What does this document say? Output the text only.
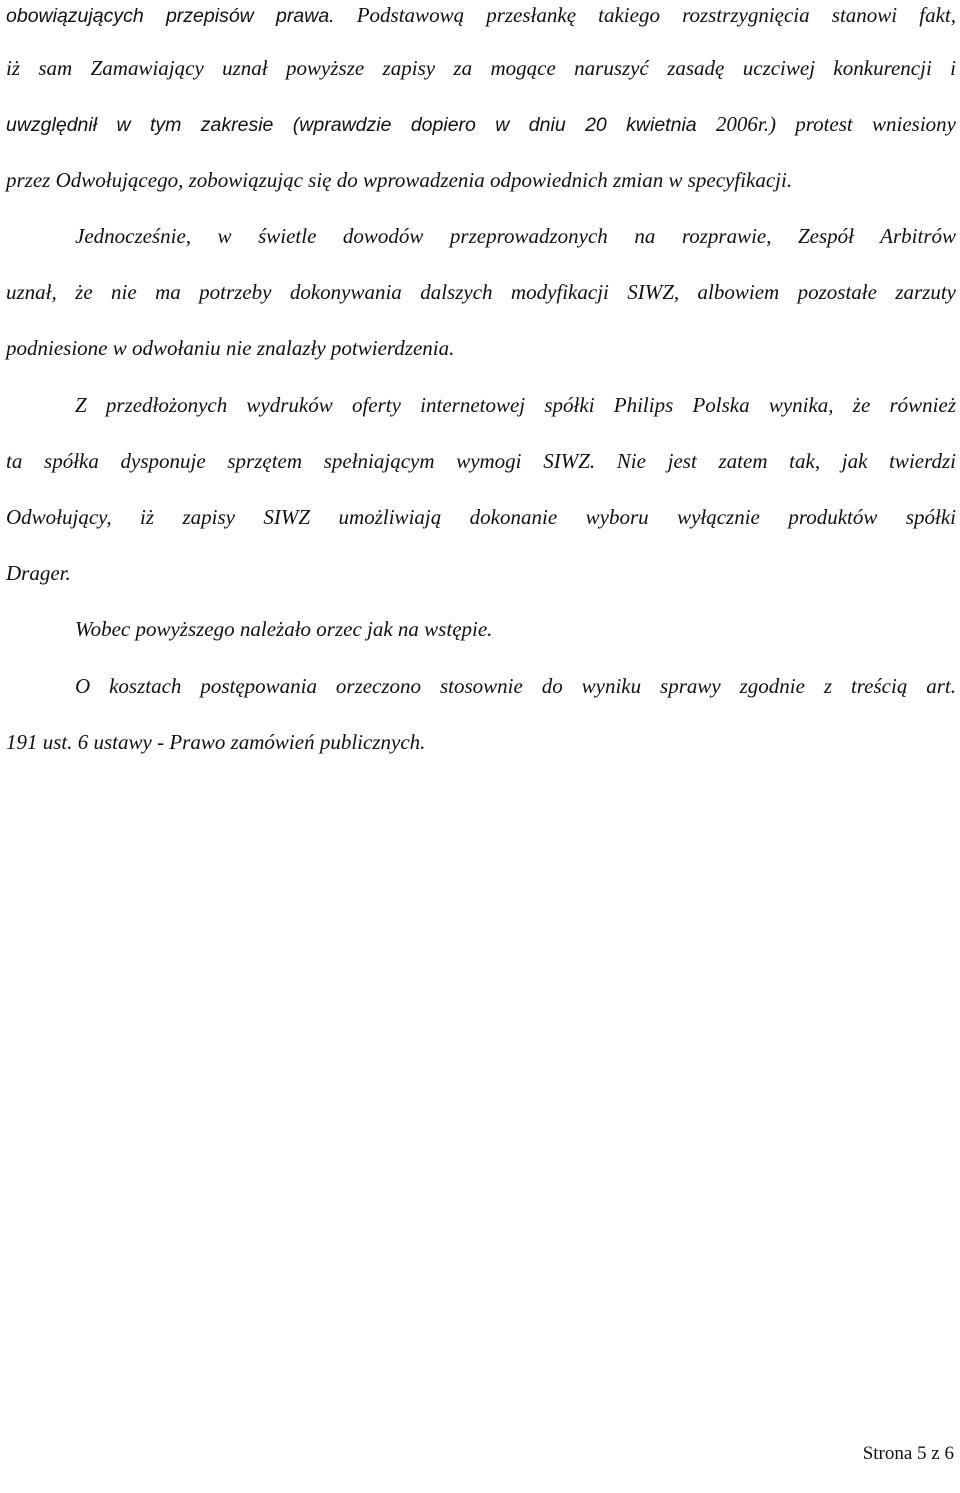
obowiązujących przepisów prawa. Podstawową przesłankę takiego rozstrzygnięcia stanowi fakt,
iż sam Zamawiający uznał powyższe zapisy za mogące naruszyć zasadę uczciwej konkurencji i
uwzględnił w tym zakresie (wprawdzie dopiero w dniu 20 kwietnia 2006r.) protest wniesiony
przez Odwołującego, zobowiązując się do wprowadzenia odpowiednich zmian w specyfikacji.
Jednocześnie, w świetle dowodów przeprowadzonych na rozprawie, Zespół Arbitrów
uznał, że nie ma potrzeby dokonywania dalszych modyfikacji SIWZ, albowiem pozostałe zarzuty
podniesione w odwołaniu nie znalazły potwierdzenia.
Z przedłożonych wydruków oferty internetowej spółki Philips Polska wynika, że również
ta spółka dysponuje sprzętem spełniającym wymogi SIWZ. Nie jest zatem tak, jak twierdzi
Odwołujący, iż zapisy SIWZ umożliwiają dokonanie wyboru wyłącznie produktów spółki
Drager.
Wobec powyższego należało orzec jak na wstępie.
O kosztach postępowania orzeczono stosownie do wyniku sprawy zgodnie z treścią art.
191 ust. 6 ustawy - Prawo zamówień publicznych.
Strona 5 z 6
